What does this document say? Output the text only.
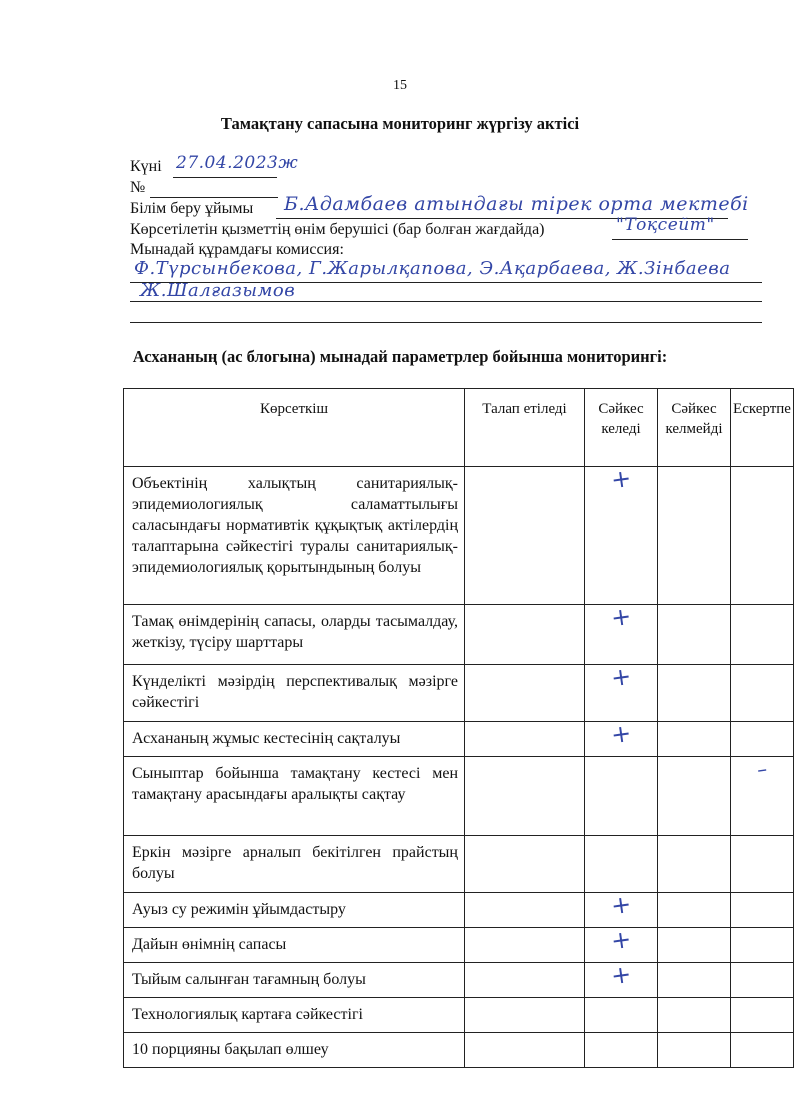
15
Тамақтану сапасына мониторинг жүргізу актісі
Күні 27.04.2023ж
№
Білім беру ұйымы Б.Адамбаев атындағы тірек орта мектебі
Көрсетілетін қызметтің өнім берушісі (бар болған жағдайда)	"Тоқсейт"
Мынадай құрамдағы комиссия:
Ф.Түрсынбекова, Г.Жарылқапова, Э.Ақарбаева, Ж.Зінбаева
Ж.Шалғазымов
Асхананың (ас блогына) мынадай параметрлер бойынша мониторингі:
Көрсеткіш	Талап етіледі	Сәйкес келеді	Сәйкес келмейді	Ескертпе

Объектінің халықтың санитариялық-эпидемиологиялық саламаттылығы саласындағы нормативтік құқықтық актілердің талаптарына сәйкестігі туралы санитариялық-эпидемиологиялық қорытындының болуы		+		

Тамақ өнімдерінің сапасы, оларды тасымалдау, жеткізу, түсіру шарттары		+		

Күнделікті мәзірдің перспективалық мәзірге сәйкестігі		+		

Асхананың жұмыс кестесінің сақталуы		+		

Сыныптар бойынша тамақтану кестесі мен тамақтану арасындағы аралықты сақтау				–

Еркін мәзірге арналып бекітілген прайстың болуы				

Ауыз су режимін ұйымдастыру		+		

Дайын өнімнің сапасы		+		

Тыйым салынған тағамның болуы		+		

Технологиялық картаға сәйкестігі				

10 порцияны бақылап өлшеу				
